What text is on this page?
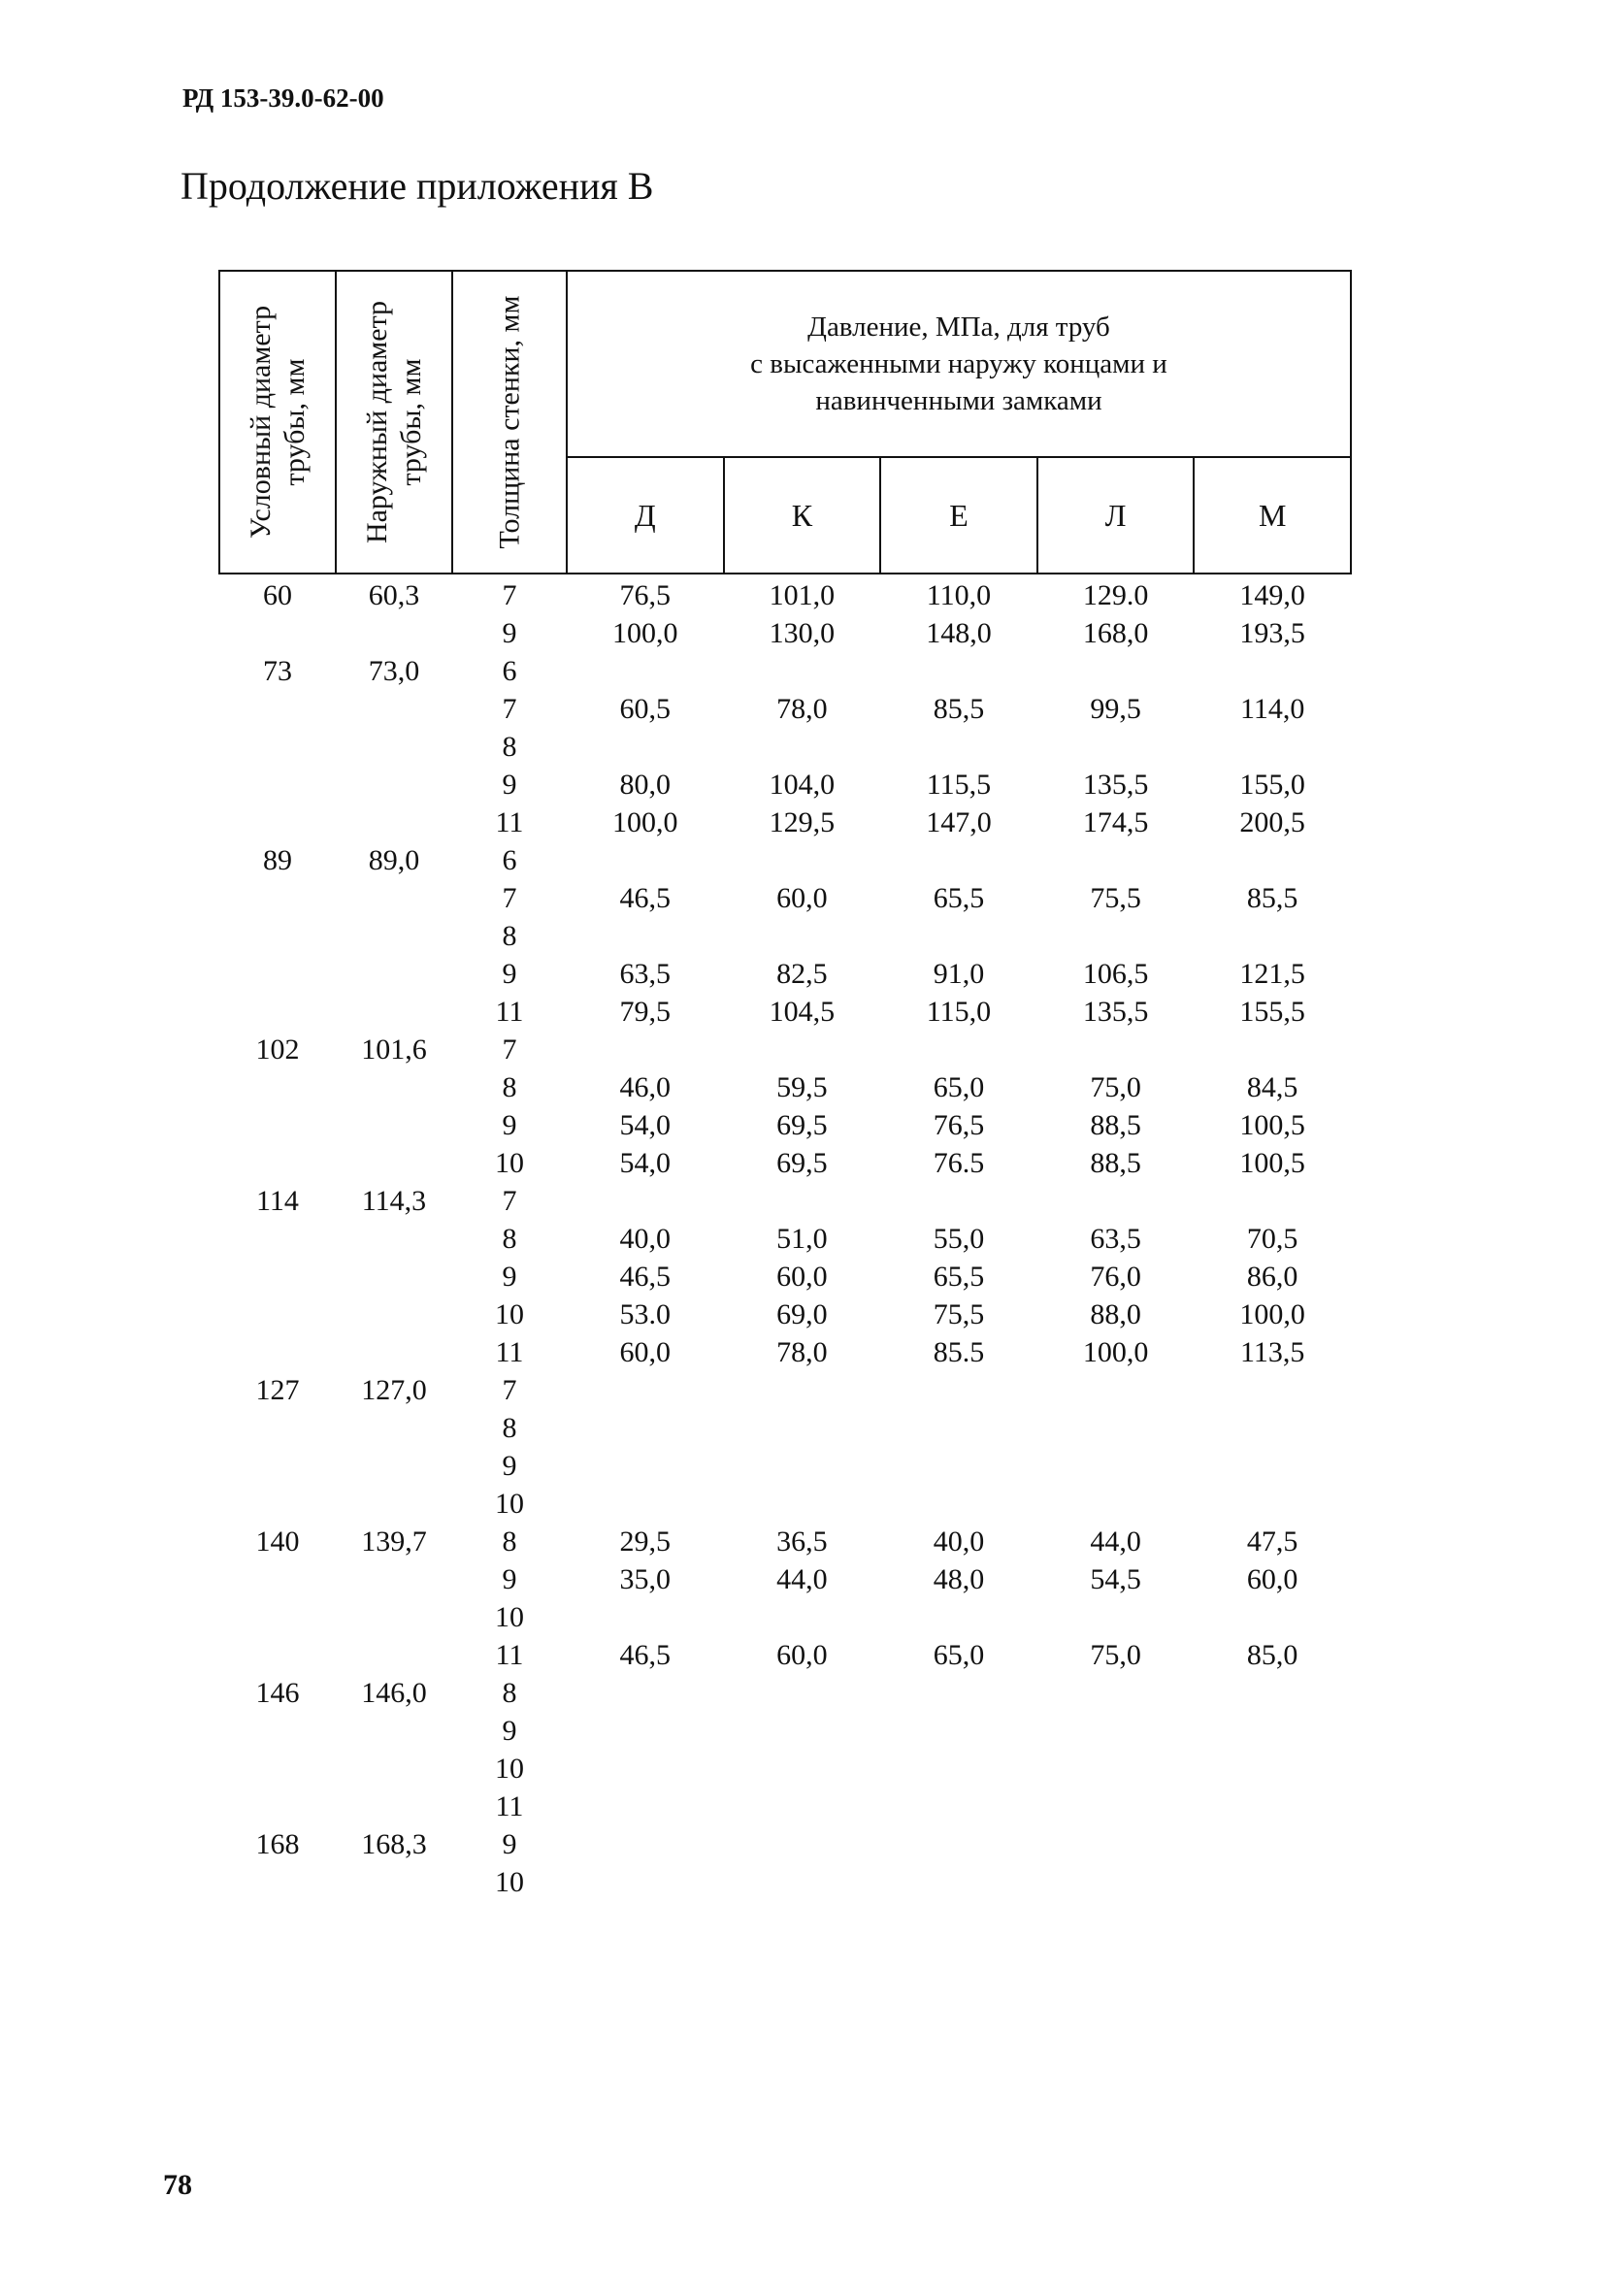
РД 153-39.0-62-00
Продолжение приложения В
Условный диаметр трубы, мм	Наружный диаметр трубы, мм	Толщина стенки, мм	Давление, МПа, для труб
с высаженными наружу концами и
навинченными замками				

			Д	К	Е	Л	М
60	60,3	7	76,5	101,0	110,0	129.0	149,0
		9	100,0	130,0	148,0	168,0	193,5
73	73,0	6					
		7	60,5	78,0	85,5	99,5	114,0
		8					
		9	80,0	104,0	115,5	135,5	155,0
		11	100,0	129,5	147,0	174,5	200,5
89	89,0	6					
		7	46,5	60,0	65,5	75,5	85,5
		8					
		9	63,5	82,5	91,0	106,5	121,5
		11	79,5	104,5	115,0	135,5	155,5
102	101,6	7					
		8	46,0	59,5	65,0	75,0	84,5
		9	54,0	69,5	76,5	88,5	100,5
		10	54,0	69,5	76.5	88,5	100,5
114	114,3	7					
		8	40,0	51,0	55,0	63,5	70,5
		9	46,5	60,0	65,5	76,0	86,0
		10	53.0	69,0	75,5	88,0	100,0
		11	60,0	78,0	85.5	100,0	113,5
127	127,0	7					
		8					
		9					
		10					
140	139,7	8	29,5	36,5	40,0	44,0	47,5
		9	35,0	44,0	48,0	54,5	60,0
		10					
		11	46,5	60,0	65,0	75,0	85,0
146	146,0	8					
		9					
		10					
		11					
168	168,3	9					
		10					
78
